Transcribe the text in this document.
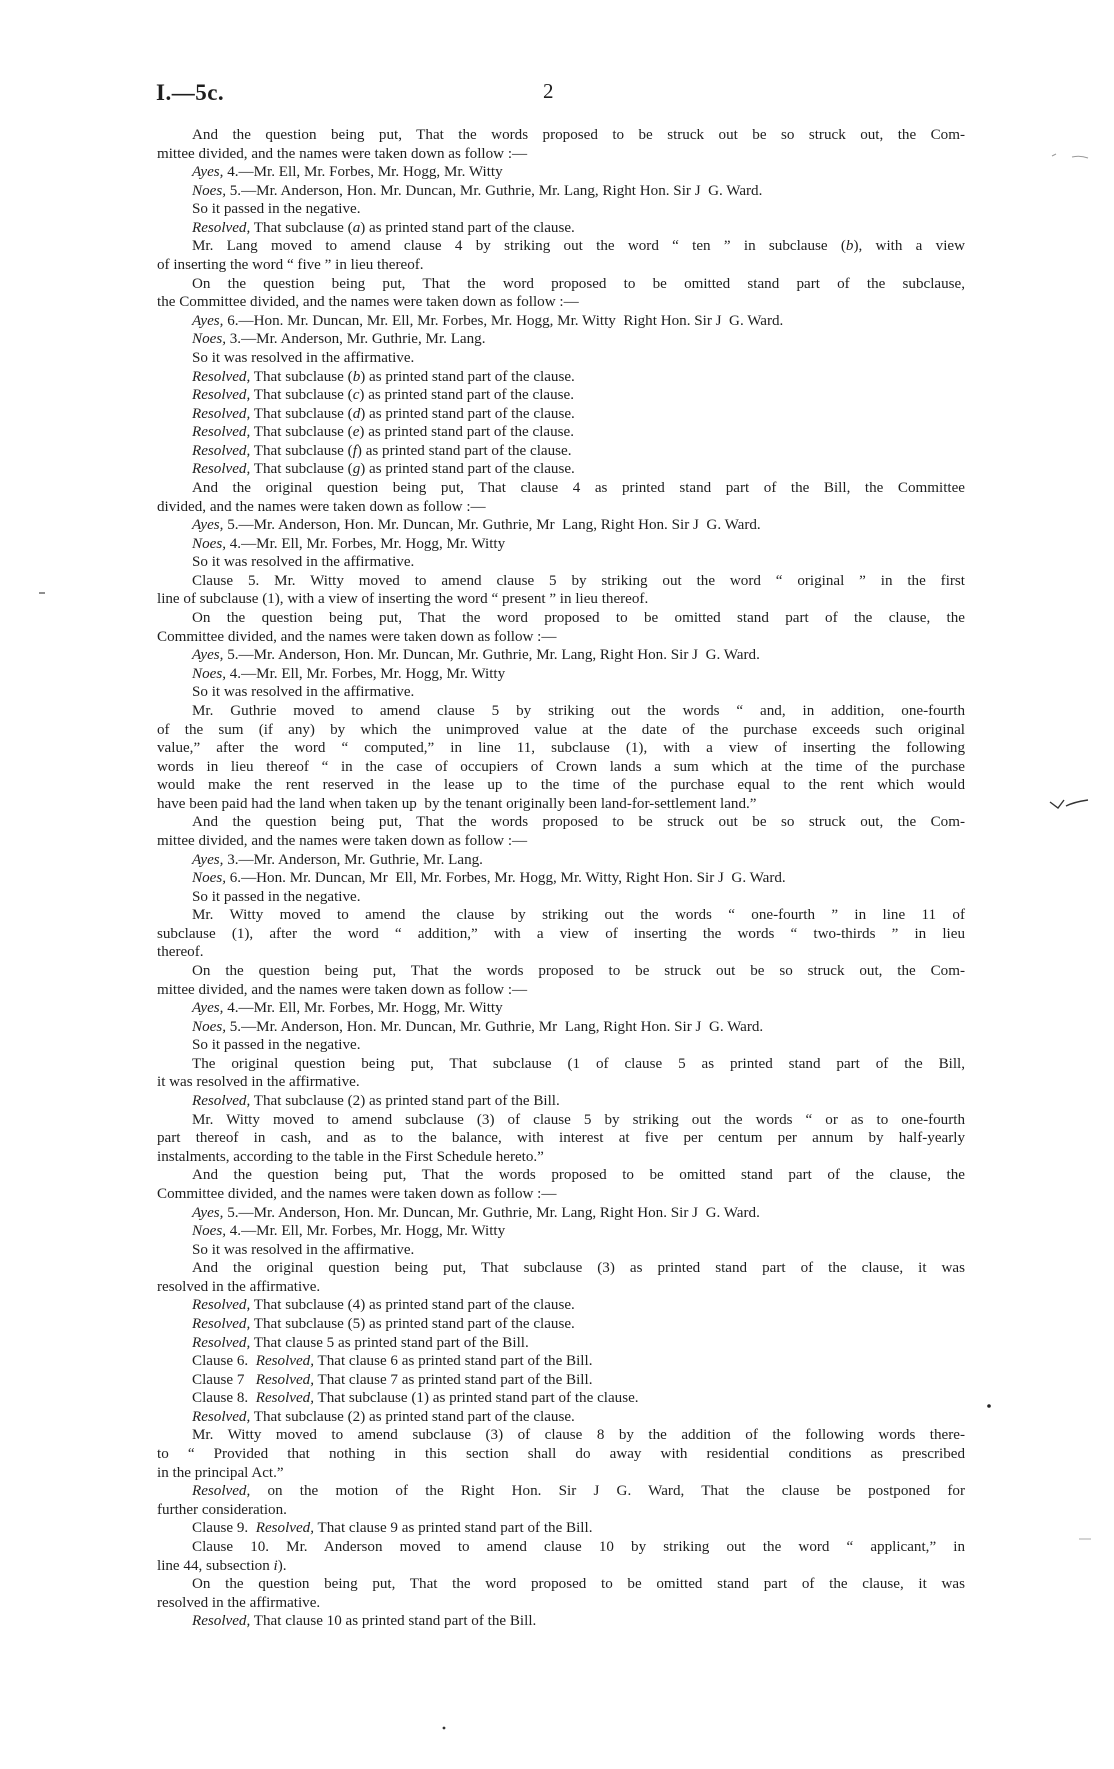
I.—5c.	2
And the question being put, That the words proposed to be struck out be so struck out, the Com-
mittee divided, and the names were taken down as follow :—
Ayes, 4.—Mr. Ell, Mr. Forbes, Mr. Hogg, Mr. Witty
Noes, 5.—Mr. Anderson, Hon. Mr. Duncan, Mr. Guthrie, Mr. Lang, Right Hon. Sir J  G. Ward.
So it passed in the negative.
Resolved, That subclause (a) as printed stand part of the clause.
Mr. Lang moved to amend clause 4 by striking out the word “ ten ” in subclause (b), with a view
of inserting the word “ five ” in lieu thereof.
On the question being put, That the word proposed to be omitted stand part of the subclause,
the Committee divided, and the names were taken down as follow :—
Ayes, 6.—Hon. Mr. Duncan, Mr. Ell, Mr. Forbes, Mr. Hogg, Mr. Witty  Right Hon. Sir J  G. Ward.
Noes, 3.—Mr. Anderson, Mr. Guthrie, Mr. Lang.
So it was resolved in the affirmative.
Resolved, That subclause (b) as printed stand part of the clause.
Resolved, That subclause (c) as printed stand part of the clause.
Resolved, That subclause (d) as printed stand part of the clause.
Resolved, That subclause (e) as printed stand part of the clause.
Resolved, That subclause (f) as printed stand part of the clause.
Resolved, That subclause (g) as printed stand part of the clause.
And the original question being put, That clause 4 as printed stand part of the Bill, the Committee
divided, and the names were taken down as follow :—
Ayes, 5.—Mr. Anderson, Hon. Mr. Duncan, Mr. Guthrie, Mr  Lang, Right Hon. Sir J  G. Ward.
Noes, 4.—Mr. Ell, Mr. Forbes, Mr. Hogg, Mr. Witty
So it was resolved in the affirmative.
Clause 5. Mr. Witty moved to amend clause 5 by striking out the word “ original ” in the first
line of subclause (1), with a view of inserting the word “ present ” in lieu thereof.
On the question being put, That the word proposed to be omitted stand part of the clause, the
Committee divided, and the names were taken down as follow :—
Ayes, 5.—Mr. Anderson, Hon. Mr. Duncan, Mr. Guthrie, Mr. Lang, Right Hon. Sir J  G. Ward.
Noes, 4.—Mr. Ell, Mr. Forbes, Mr. Hogg, Mr. Witty
So it was resolved in the affirmative.
Mr. Guthrie moved to amend clause 5 by striking out the words “ and, in addition, one-fourth
of the sum (if any) by which the unimproved value at the date of the purchase exceeds such original
value,” after the word “ computed,” in line 11, subclause (1), with a view of inserting the following
words in lieu thereof “ in the case of occupiers of Crown lands a sum which at the time of the purchase
would make the rent reserved in the lease up to the time of the purchase equal to the rent which would
have been paid had the land when taken up  by the tenant originally been land-for-settlement land.”
And the question being put, That the words proposed to be struck out be so struck out, the Com-
mittee divided, and the names were taken down as follow :—
Ayes, 3.—Mr. Anderson, Mr. Guthrie, Mr. Lang.
Noes, 6.—Hon. Mr. Duncan, Mr  Ell, Mr. Forbes, Mr. Hogg, Mr. Witty, Right Hon. Sir J  G. Ward.
So it passed in the negative.
Mr. Witty moved to amend the clause by striking out the words “ one-fourth ” in line 11 of
subclause (1), after the word “ addition,” with a view of inserting the words “ two-thirds ” in lieu
thereof.
On the question being put, That the words proposed to be struck out be so struck out, the Com-
mittee divided, and the names were taken down as follow :—
Ayes, 4.—Mr. Ell, Mr. Forbes, Mr. Hogg, Mr. Witty
Noes, 5.—Mr. Anderson, Hon. Mr. Duncan, Mr. Guthrie, Mr  Lang, Right Hon. Sir J  G. Ward.
So it passed in the negative.
The original question being put, That subclause (1 of clause 5 as printed stand part of the Bill,
it was resolved in the affirmative.
Resolved, That subclause (2) as printed stand part of the Bill.
Mr. Witty moved to amend subclause (3) of clause 5 by striking out the words “ or as to one-fourth
part thereof in cash, and as to the balance, with interest at five per centum per annum by half-yearly
instalments, according to the table in the First Schedule hereto.”
And the question being put, That the words proposed to be omitted stand part of the clause, the
Committee divided, and the names were taken down as follow :—
Ayes, 5.—Mr. Anderson, Hon. Mr. Duncan, Mr. Guthrie, Mr. Lang, Right Hon. Sir J  G. Ward.
Noes, 4.—Mr. Ell, Mr. Forbes, Mr. Hogg, Mr. Witty
So it was resolved in the affirmative.
And the original question being put, That subclause (3) as printed stand part of the clause, it was
resolved in the affirmative.
Resolved, That subclause (4) as printed stand part of the clause.
Resolved, That subclause (5) as printed stand part of the clause.
Resolved, That clause 5 as printed stand part of the Bill.
Clause 6.  Resolved, That clause 6 as printed stand part of the Bill.
Clause 7   Resolved, That clause 7 as printed stand part of the Bill.
Clause 8.  Resolved, That subclause (1) as printed stand part of the clause.
Resolved, That subclause (2) as printed stand part of the clause.
Mr. Witty moved to amend subclause (3) of clause 8 by the addition of the following words there-
to “ Provided that nothing in this section shall do away with residential conditions as prescribed
in the principal Act.”
Resolved, on the motion of the Right Hon. Sir J G. Ward, That the clause be postponed for
further consideration.
Clause 9.  Resolved, That clause 9 as printed stand part of the Bill.
Clause 10. Mr. Anderson moved to amend clause 10 by striking out the word “ applicant,” in
line 44, subsection i).
On the question being put, That the word proposed to be omitted stand part of the clause, it was
resolved in the affirmative.
Resolved, That clause 10 as printed stand part of the Bill.
